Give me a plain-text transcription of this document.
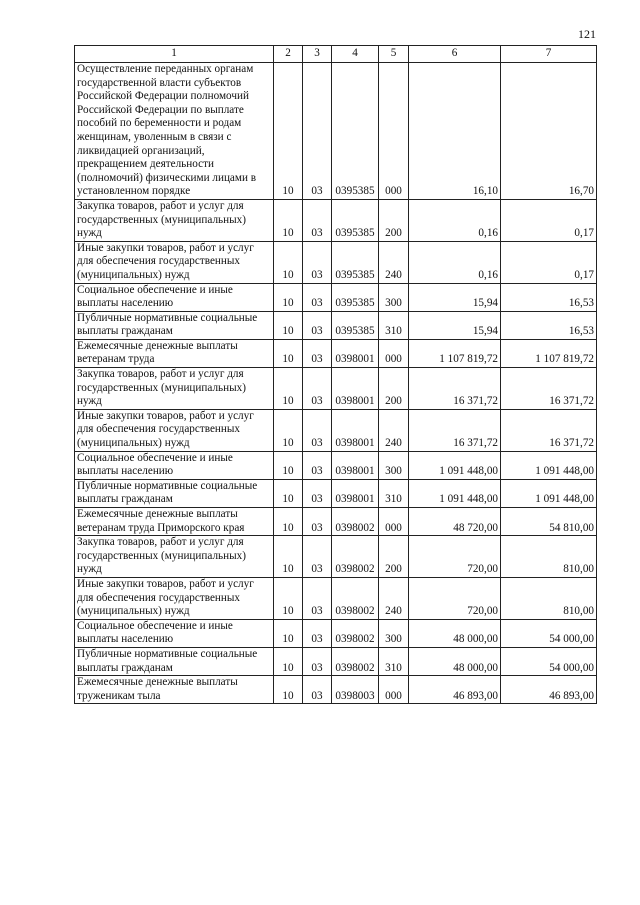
121
1	2	3	4	5	6	7
Осуществление переданных органам государственной власти субъектов Российской Федерации полномочий Российской Федерации по выплате пособий по беременности и родам женщинам, уволенным в связи с ликвидацией организаций, прекращением деятельности (полномочий) физическими лицами в установленном порядке	10	03	0395385	000	16,10	16,70
Закупка товаров, работ и услуг для государственных (муниципальных) нужд	10	03	0395385	200	0,16	0,17
Иные закупки товаров, работ и услуг для обеспечения государственных (муниципальных) нужд	10	03	0395385	240	0,16	0,17
Социальное обеспечение и иные выплаты населению	10	03	0395385	300	15,94	16,53
Публичные нормативные социальные выплаты гражданам	10	03	0395385	310	15,94	16,53
Ежемесячные денежные выплаты ветеранам труда	10	03	0398001	000	1 107 819,72	1 107 819,72
Закупка товаров, работ и услуг для государственных (муниципальных) нужд	10	03	0398001	200	16 371,72	16 371,72
Иные закупки товаров, работ и услуг для обеспечения государственных (муниципальных) нужд	10	03	0398001	240	16 371,72	16 371,72
Социальное обеспечение и иные выплаты населению	10	03	0398001	300	1 091 448,00	1 091 448,00
Публичные нормативные социальные выплаты гражданам	10	03	0398001	310	1 091 448,00	1 091 448,00
Ежемесячные денежные выплаты ветеранам труда Приморского края	10	03	0398002	000	48 720,00	54 810,00
Закупка товаров, работ и услуг для государственных (муниципальных) нужд	10	03	0398002	200	720,00	810,00
Иные закупки товаров, работ и услуг для обеспечения государственных (муниципальных) нужд	10	03	0398002	240	720,00	810,00
Социальное обеспечение и иные выплаты населению	10	03	0398002	300	48 000,00	54 000,00
Публичные нормативные социальные выплаты гражданам	10	03	0398002	310	48 000,00	54 000,00
Ежемесячные денежные выплаты труженикам тыла	10	03	0398003	000	46 893,00	46 893,00
